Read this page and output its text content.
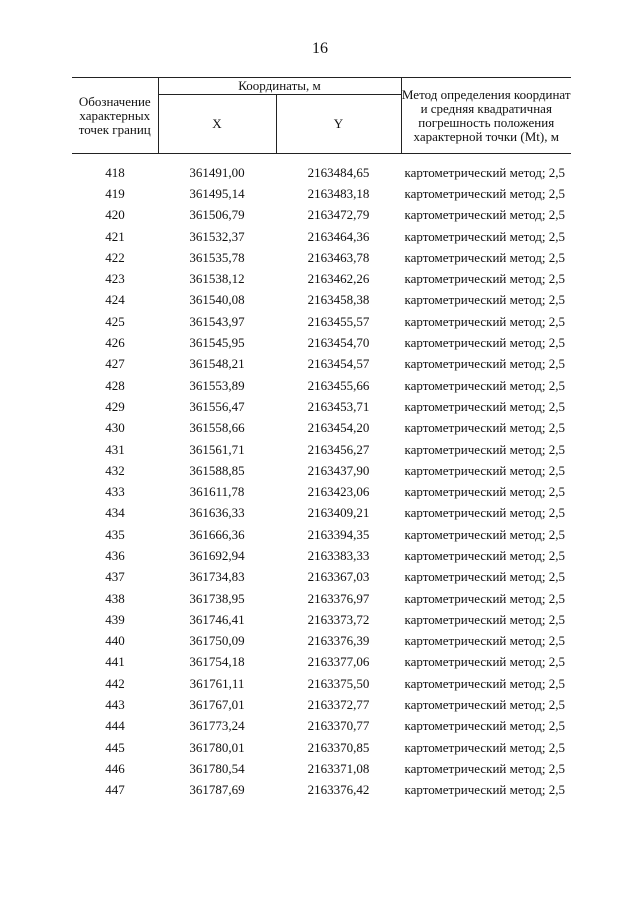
16
Обозначение характерных точек границ	Координаты, м		Метод определения координат и средняя квадратичная погрешность положения характерной точки (Mt), м
	X	Y	

418	361491,00	2163484,65	картометрический метод; 2,5
419	361495,14	2163483,18	картометрический метод; 2,5
420	361506,79	2163472,79	картометрический метод; 2,5
421	361532,37	2163464,36	картометрический метод; 2,5
422	361535,78	2163463,78	картометрический метод; 2,5
423	361538,12	2163462,26	картометрический метод; 2,5
424	361540,08	2163458,38	картометрический метод; 2,5
425	361543,97	2163455,57	картометрический метод; 2,5
426	361545,95	2163454,70	картометрический метод; 2,5
427	361548,21	2163454,57	картометрический метод; 2,5
428	361553,89	2163455,66	картометрический метод; 2,5
429	361556,47	2163453,71	картометрический метод; 2,5
430	361558,66	2163454,20	картометрический метод; 2,5
431	361561,71	2163456,27	картометрический метод; 2,5
432	361588,85	2163437,90	картометрический метод; 2,5
433	361611,78	2163423,06	картометрический метод; 2,5
434	361636,33	2163409,21	картометрический метод; 2,5
435	361666,36	2163394,35	картометрический метод; 2,5
436	361692,94	2163383,33	картометрический метод; 2,5
437	361734,83	2163367,03	картометрический метод; 2,5
438	361738,95	2163376,97	картометрический метод; 2,5
439	361746,41	2163373,72	картометрический метод; 2,5
440	361750,09	2163376,39	картометрический метод; 2,5
441	361754,18	2163377,06	картометрический метод; 2,5
442	361761,11	2163375,50	картометрический метод; 2,5
443	361767,01	2163372,77	картометрический метод; 2,5
444	361773,24	2163370,77	картометрический метод; 2,5
445	361780,01	2163370,85	картометрический метод; 2,5
446	361780,54	2163371,08	картометрический метод; 2,5
447	361787,69	2163376,42	картометрический метод; 2,5
